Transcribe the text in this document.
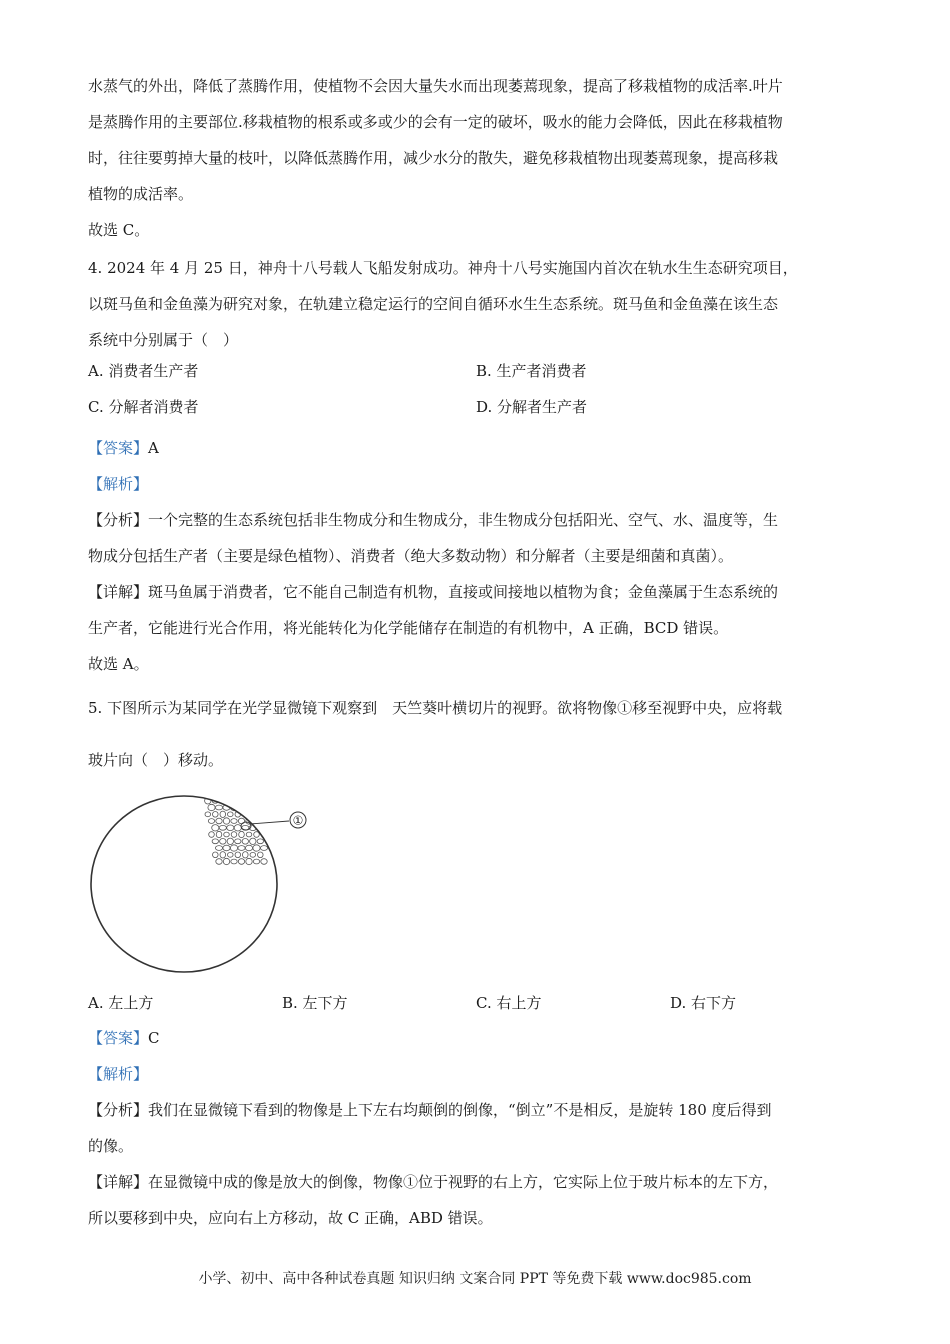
水蒸气的外出，降低了蒸腾作用，使植物不会因大量失水而出现萎蔫现象，提高了移栽植物的成活率.叶片
是蒸腾作用的主要部位.移栽植物的根系或多或少的会有一定的破坏，吸水的能力会降低，因此在移栽植物
时，往往要剪掉大量的枝叶，以降低蒸腾作用，减少水分的散失，避免移栽植物出现萎蔫现象，提高移栽
植物的成活率。
故选 C。
4. 2024 年 4 月 25 日，神舟十八号载人飞船发射成功。神舟十八号实施国内首次在轨水生生态研究项目，
以斑马鱼和金鱼藻为研究对象，在轨建立稳定运行的空间自循环水生生态系统。斑马鱼和金鱼藻在该生态
系统中分别属于（　）
A. 消费者生产者	B. 生产者消费者
C. 分解者消费者	D. 分解者生产者
【答案】A
【解析】
【分析】一个完整的生态系统包括非生物成分和生物成分，非生物成分包括阳光、空气、水、温度等，生
物成分包括生产者（主要是绿色植物）、消费者（绝大多数动物）和分解者（主要是细菌和真菌）。
【详解】斑马鱼属于消费者，它不能自己制造有机物，直接或间接地以植物为食；金鱼藻属于生态系统的
生产者，它能进行光合作用，将光能转化为化学能储存在制造的有机物中，A 正确，BCD 错误。
故选 A。
5. 下图所示为某同学在光学显微镜下观察到　天竺葵叶横切片的视野。欲将物像①移至视野中央，应将载
玻片向（　）移动。
①
A. 左上方	B. 左下方	C. 右上方	D. 右下方
【答案】C
【解析】
【分析】我们在显微镜下看到的物像是上下左右均颠倒的倒像，“倒立”不是相反，是旋转 180 度后得到
的像。
【详解】在显微镜中成的像是放大的倒像，物像①位于视野的右上方，它实际上位于玻片标本的左下方，
所以要移到中央，应向右上方移动，故 C 正确，ABD 错误。
小学、初中、高中各种试卷真题 知识归纳 文案合同 PPT 等免费下载 www.doc985.com
